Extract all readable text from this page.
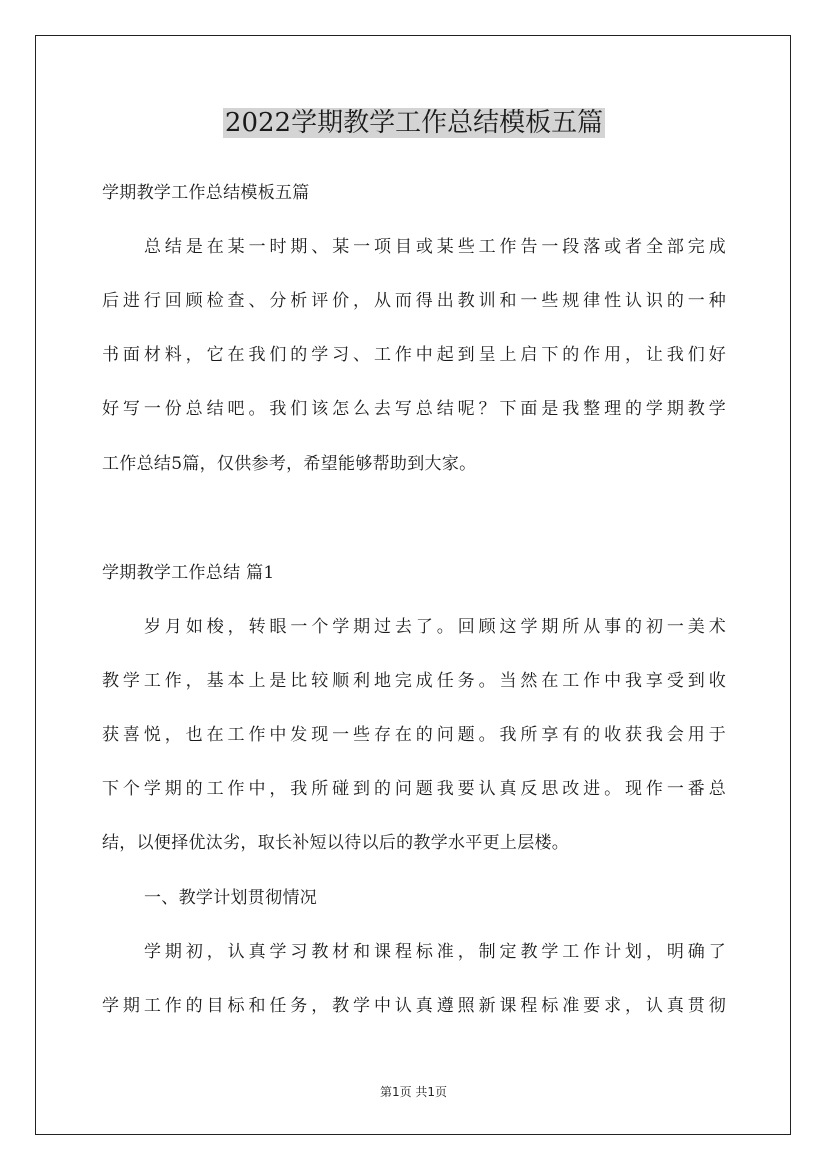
2022学期教学工作总结模板五篇

学期教学工作总结模板五篇

总结是在某一时期、某一项目或某些工作告一段落或者全部完成

后进行回顾检查、分析评价，从而得出教训和一些规律性认识的一种

书面材料，它在我们的学习、工作中起到呈上启下的作用，让我们好

好写一份总结吧。我们该怎么去写总结呢？下面是我整理的学期教学

工作总结5篇，仅供参考，希望能够帮助到大家。

学期教学工作总结 篇1

岁月如梭，转眼一个学期过去了。回顾这学期所从事的初一美术

教学工作，基本上是比较顺利地完成任务。当然在工作中我享受到收

获喜悦，也在工作中发现一些存在的问题。我所享有的收获我会用于

下个学期的工作中，我所碰到的问题我要认真反思改进。现作一番总

结，以便择优汰劣，取长补短以待以后的教学水平更上层楼。

一、教学计划贯彻情况

学期初，认真学习教材和课程标准，制定教学工作计划，明确了

学期工作的目标和任务，教学中认真遵照新课程标准要求，认真贯彻

第1页 共1页
